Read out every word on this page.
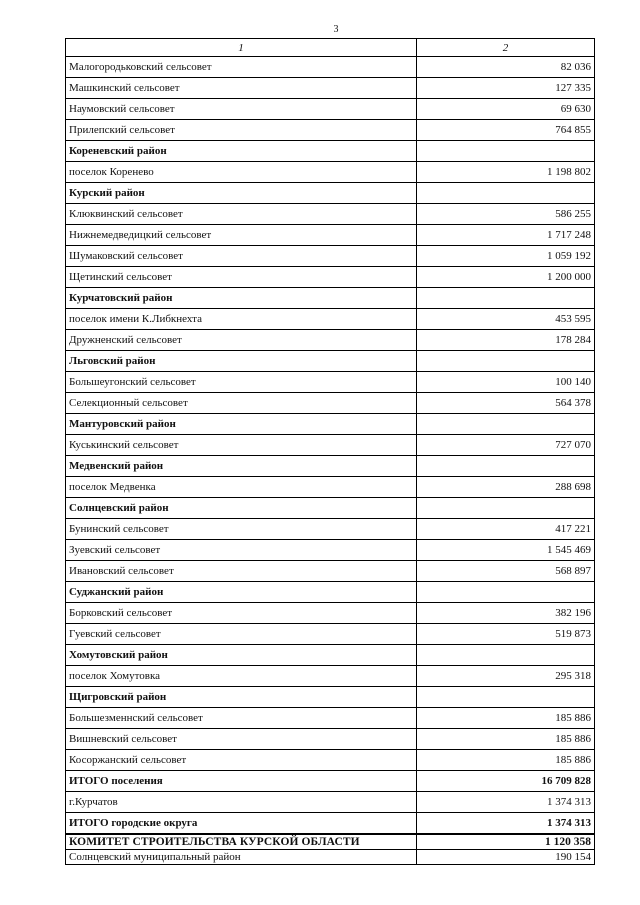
3
1	2
Малогородьковский сельсовет	82 036
Машкинский сельсовет	127 335
Наумовский сельсовет	69 630
Прилепский сельсовет	764 855
Кореневский район	
поселок Коренево	1 198 802
Курский район	
Клюквинский сельсовет	586 255
Нижнемедведицкий сельсовет	1 717 248
Шумаковский сельсовет	1 059 192
Щетинский сельсовет	1 200 000
Курчатовский район	
поселок имени К.Либкнехта	453 595
Дружненский сельсовет	178 284
Льговский район	
Большеугонский сельсовет	100 140
Селекционный сельсовет	564 378
Мантуровский район	
Куськинский сельсовет	727 070
Медвенский район	
поселок Медвенка	288 698
Солнцевский район	
Бунинский сельсовет	417 221
Зуевский сельсовет	1 545 469
Ивановский сельсовет	568 897
Суджанский район	
Борковский сельсовет	382 196
Гуевский сельсовет	519 873
Хомутовский район	
поселок Хомутовка	295 318
Щигровский район	
Большезменнский сельсовет	185 886
Вишневский сельсовет	185 886
Косоржанский сельсовет	185 886
ИТОГО поселения	16 709 828
г.Курчатов	1 374 313
ИТОГО городские округа	1 374 313
КОМИТЕТ СТРОИТЕЛЬСТВА КУРСКОЙ ОБЛАСТИ	1 120 358
Солнцевский муниципальный район	190 154
